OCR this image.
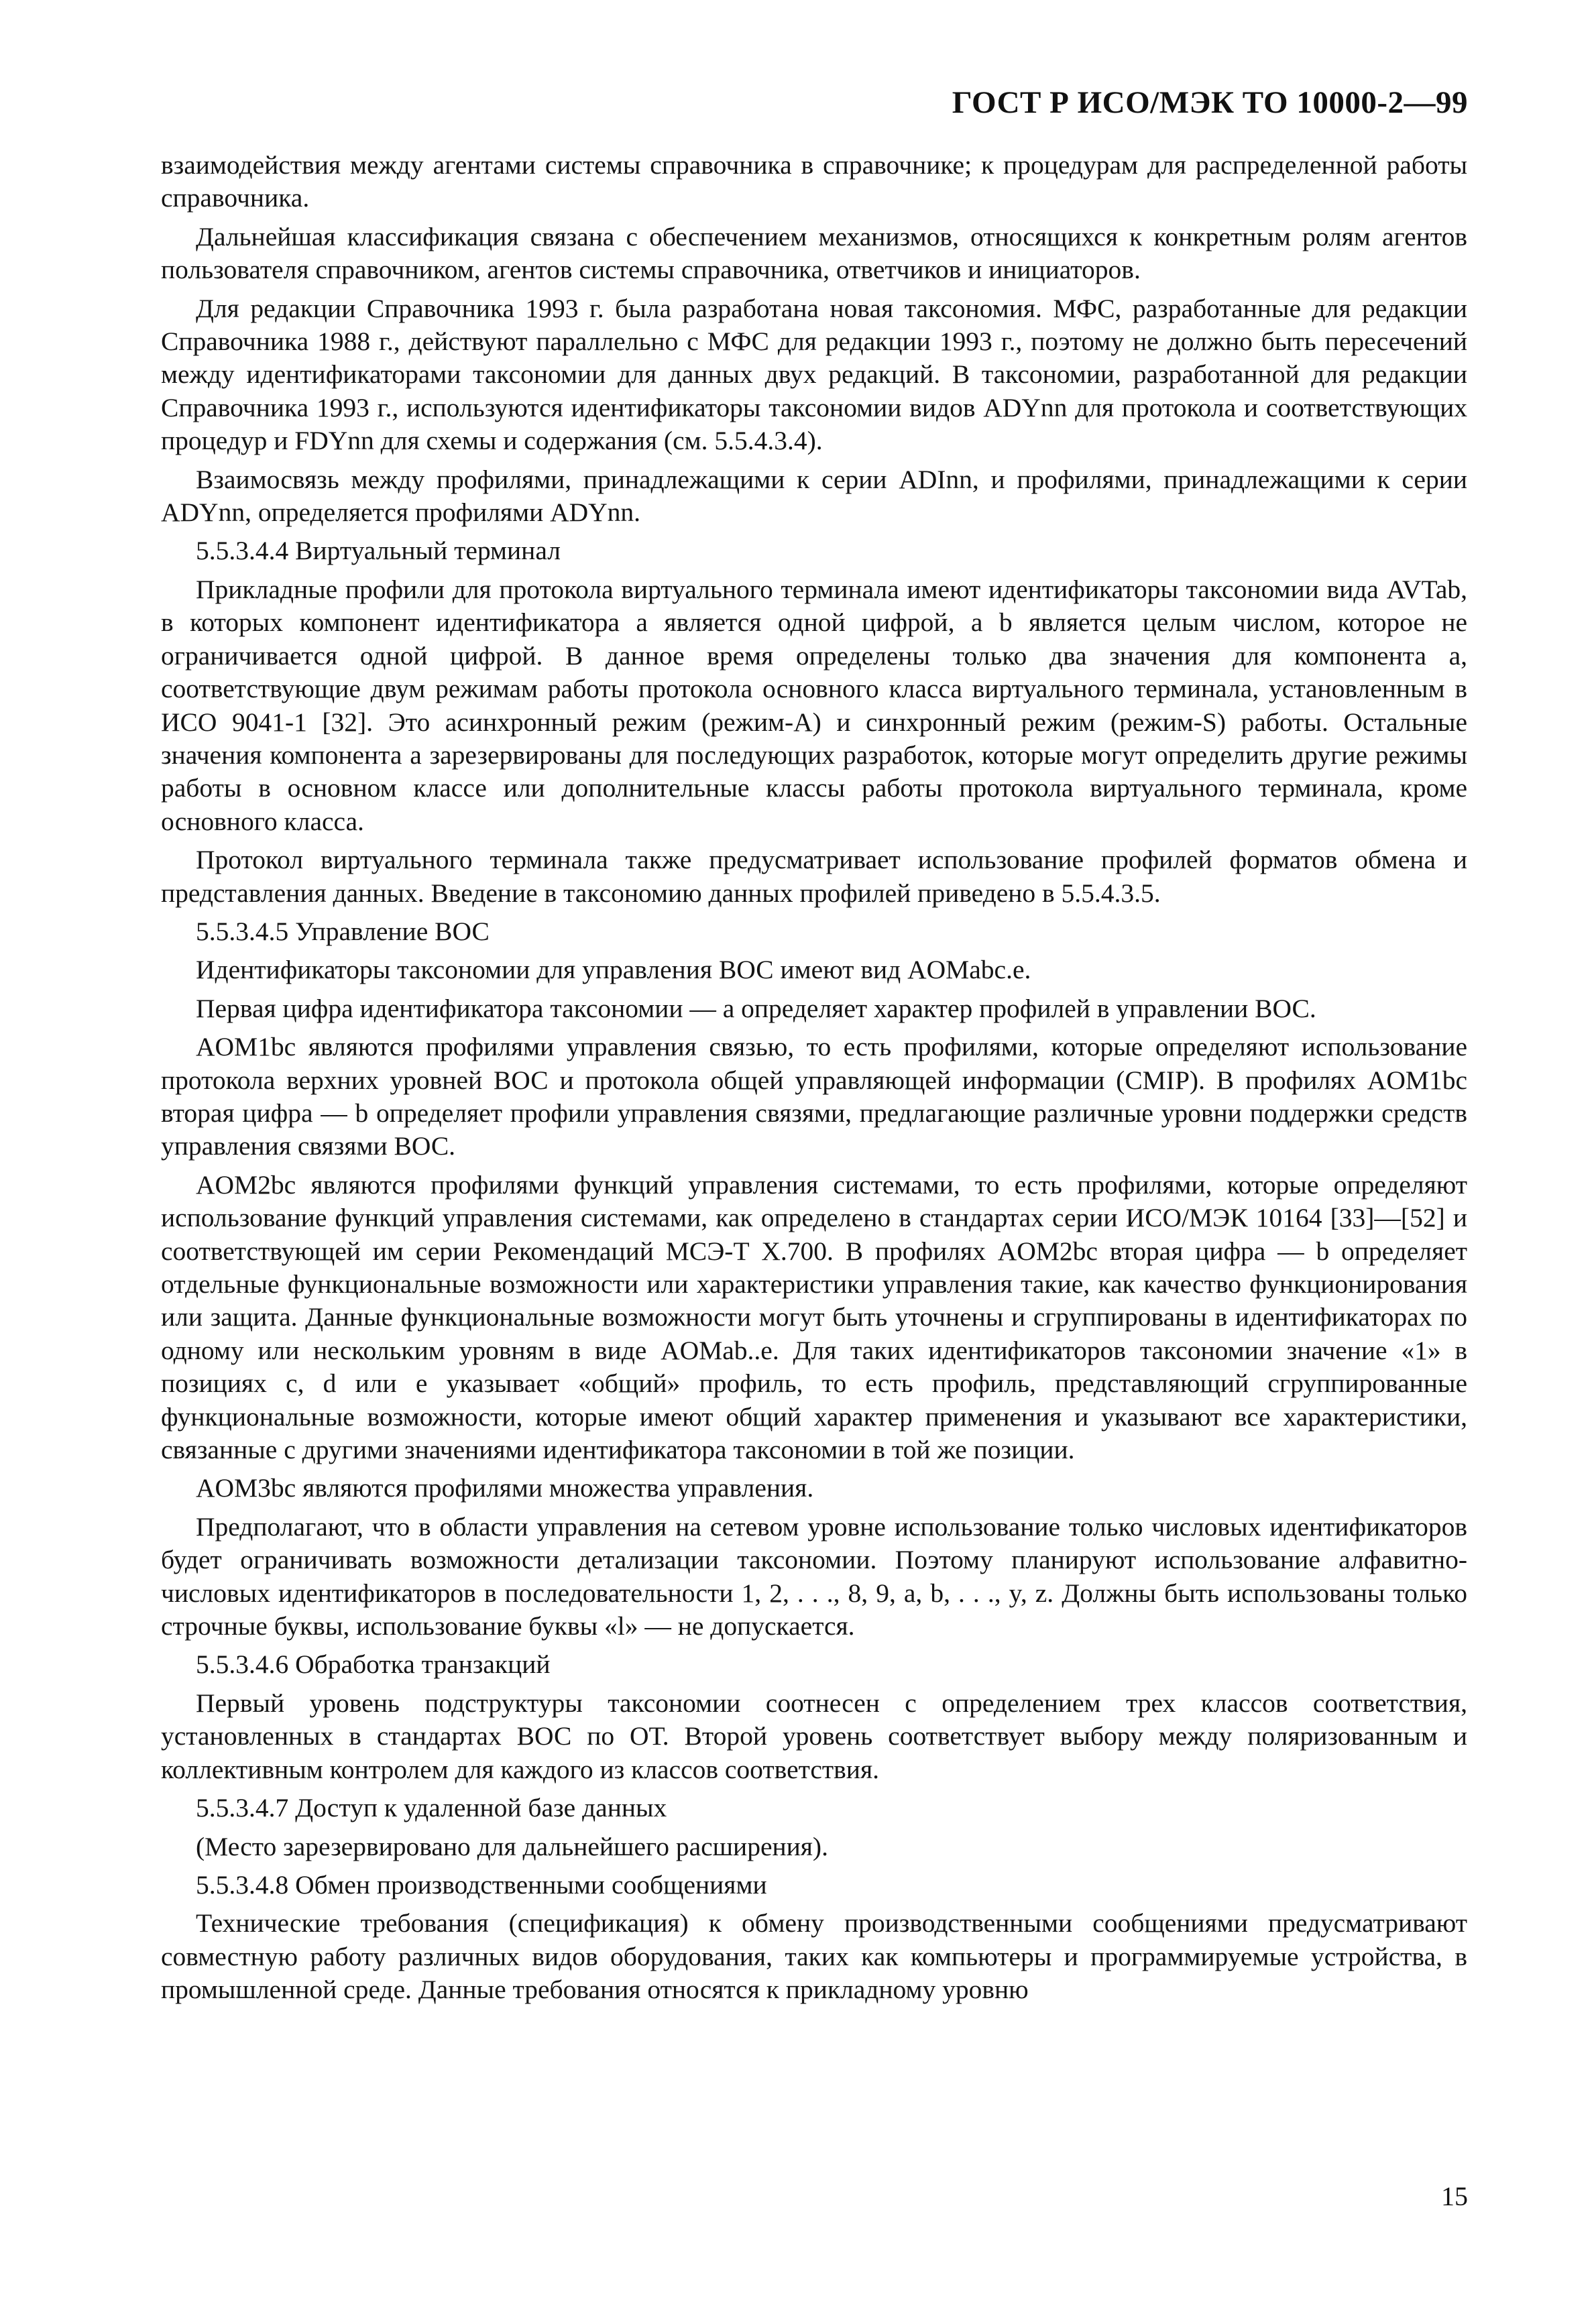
ГОСТ Р ИСО/МЭК ТО 10000-2—99

взаимодействия между агентами системы справочника в справочнике; к процедурам для распределенной работы справочника.

Дальнейшая классификация связана с обеспечением механизмов, относящихся к конкретным ролям агентов пользователя справочником, агентов системы справочника, ответчиков и инициаторов.

Для редакции Справочника 1993 г. была разработана новая таксономия. МФС, разработанные для редакции Справочника 1988 г., действуют параллельно с МФС для редакции 1993 г., поэтому не должно быть пересечений между идентификаторами таксономии для данных двух редакций. В таксономии, разработанной для редакции Справочника 1993 г., используются идентификаторы таксономии видов ADYnn для протокола и соответствующих процедур и FDYnn для схемы и содержания (см. 5.5.4.3.4).

Взаимосвязь между профилями, принадлежащими к серии ADInn, и профилями, принадлежащими к серии ADYnn, определяется профилями ADYnn.

5.5.3.4.4 Виртуальный терминал

Прикладные профили для протокола виртуального терминала имеют идентификаторы таксономии вида AVTab, в которых компонент идентификатора a является одной цифрой, а b является целым числом, которое не ограничивается одной цифрой. В данное время определены только два значения для компонента a, соответствующие двум режимам работы протокола основного класса виртуального терминала, установленным в ИСО 9041-1 [32]. Это асинхронный режим (режим-А) и синхронный режим (режим-S) работы. Остальные значения компонента a зарезервированы для последующих разработок, которые могут определить другие режимы работы в основном классе или дополнительные классы работы протокола виртуального терминала, кроме основного класса.

Протокол виртуального терминала также предусматривает использование профилей форматов обмена и представления данных. Введение в таксономию данных профилей приведено в 5.5.4.3.5.

5.5.3.4.5 Управление ВОС

Идентификаторы таксономии для управления ВОС имеют вид AOMabc.e.

Первая цифра идентификатора таксономии — a определяет характер профилей в управлении ВОС.

AOM1bc являются профилями управления связью, то есть профилями, которые определяют использование протокола верхних уровней ВОС и протокола общей управляющей информации (CMIP). В профилях AOM1bc вторая цифра — b определяет профили управления связями, предлагающие различные уровни поддержки средств управления связями ВОС.

AOM2bc являются профилями функций управления системами, то есть профилями, которые определяют использование функций управления системами, как определено в стандартах серии ИСО/МЭК 10164 [33]—[52] и соответствующей им серии Рекомендаций МСЭ-Т X.700. В профилях AOM2bc вторая цифра — b определяет отдельные функциональные возможности или характеристики управления такие, как качество функционирования или защита. Данные функциональные возможности могут быть уточнены и сгруппированы в идентификаторах по одному или нескольким уровням в виде AOMab..e. Для таких идентификаторов таксономии значение «1» в позициях c, d или e указывает «общий» профиль, то есть профиль, представляющий сгруппированные функциональные возможности, которые имеют общий характер применения и указывают все характеристики, связанные с другими значениями идентификатора таксономии в той же позиции.

AOM3bc являются профилями множества управления.

Предполагают, что в области управления на сетевом уровне использование только числовых идентификаторов будет ограничивать возможности детализации таксономии. Поэтому планируют использование алфавитно-числовых идентификаторов в последовательности 1, 2, . . ., 8, 9, a, b, . . ., y, z. Должны быть использованы только строчные буквы, использование буквы «l» — не допускается.

5.5.3.4.6 Обработка транзакций

Первый уровень подструктуры таксономии соотнесен с определением трех классов соответствия, установленных в стандартах ВОС по ОТ. Второй уровень соответствует выбору между поляризованным и коллективным контролем для каждого из классов соответствия.

5.5.3.4.7 Доступ к удаленной базе данных

(Место зарезервировано для дальнейшего расширения).

5.5.3.4.8 Обмен производственными сообщениями

Технические требования (спецификация) к обмену производственными сообщениями предусматривают совместную работу различных видов оборудования, таких как компьютеры и программируемые устройства, в промышленной среде. Данные требования относятся к прикладному уровню

15
